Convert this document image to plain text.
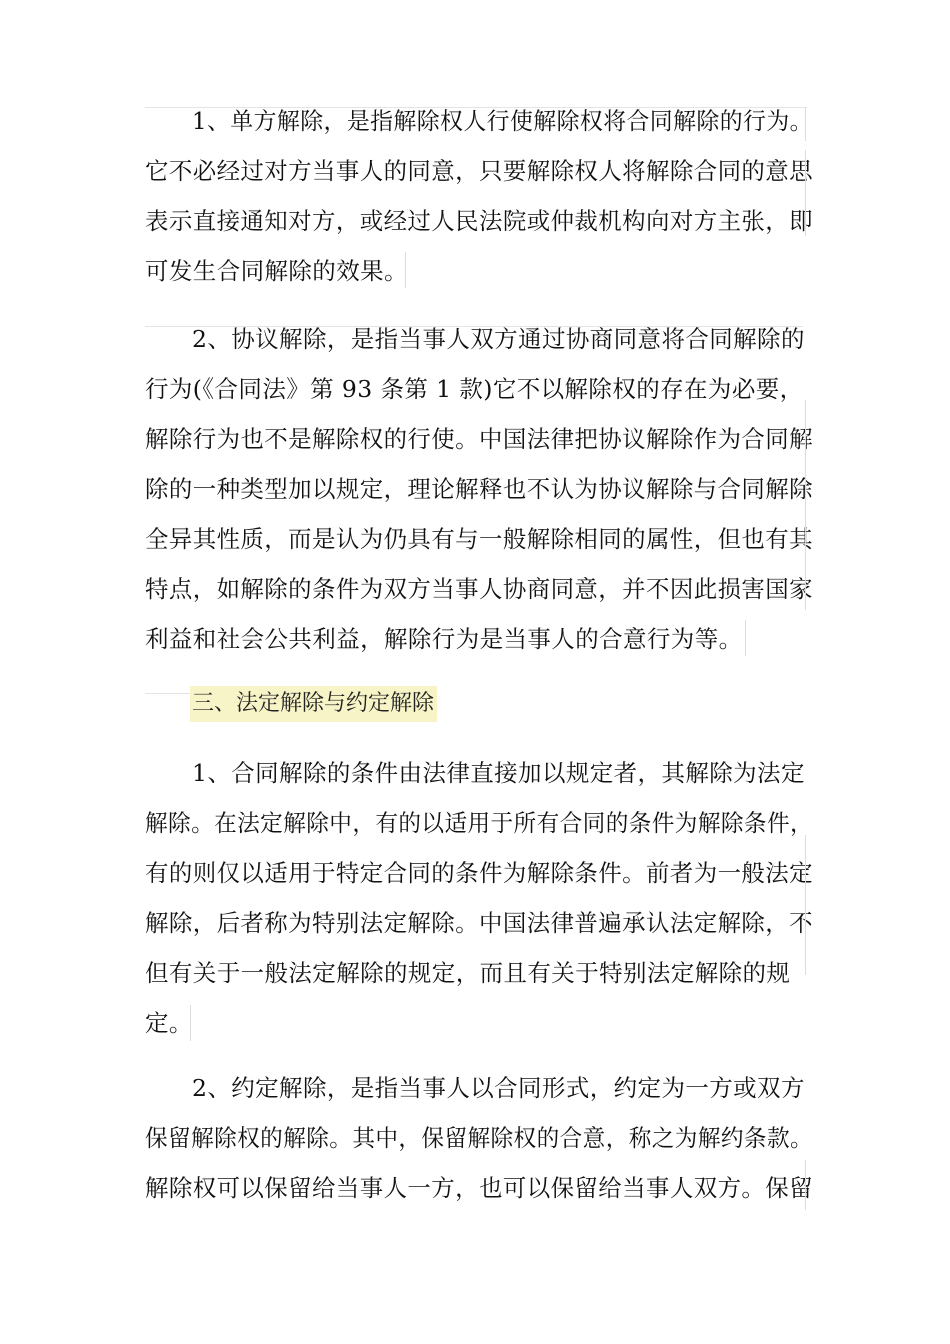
1、单方解除，是指解除权人行使解除权将合同解除的行为。
它不必经过对方当事人的同意，只要解除权人将解除合同的意思
表示直接通知对方，或经过人民法院或仲裁机构向对方主张，即
可发生合同解除的效果。
2、协议解除，是指当事人双方通过协商同意将合同解除的
行为(《合同法》第 93 条第 1 款)它不以解除权的存在为必要，
解除行为也不是解除权的行使。中国法律把协议解除作为合同解
除的一种类型加以规定，理论解释也不认为协议解除与合同解除
全异其性质，而是认为仍具有与一般解除相同的属性，但也有其
特点，如解除的条件为双方当事人协商同意，并不因此损害国家
利益和社会公共利益，解除行为是当事人的合意行为等。
三、法定解除与约定解除
1、合同解除的条件由法律直接加以规定者，其解除为法定
解除。在法定解除中，有的以适用于所有合同的条件为解除条件，
有的则仅以适用于特定合同的条件为解除条件。前者为一般法定
解除，后者称为特别法定解除。中国法律普遍承认法定解除，不
但有关于一般法定解除的规定，而且有关于特别法定解除的规
定。
2、约定解除，是指当事人以合同形式，约定为一方或双方
保留解除权的解除。其中，保留解除权的合意，称之为解约条款。
解除权可以保留给当事人一方，也可以保留给当事人双方。保留
